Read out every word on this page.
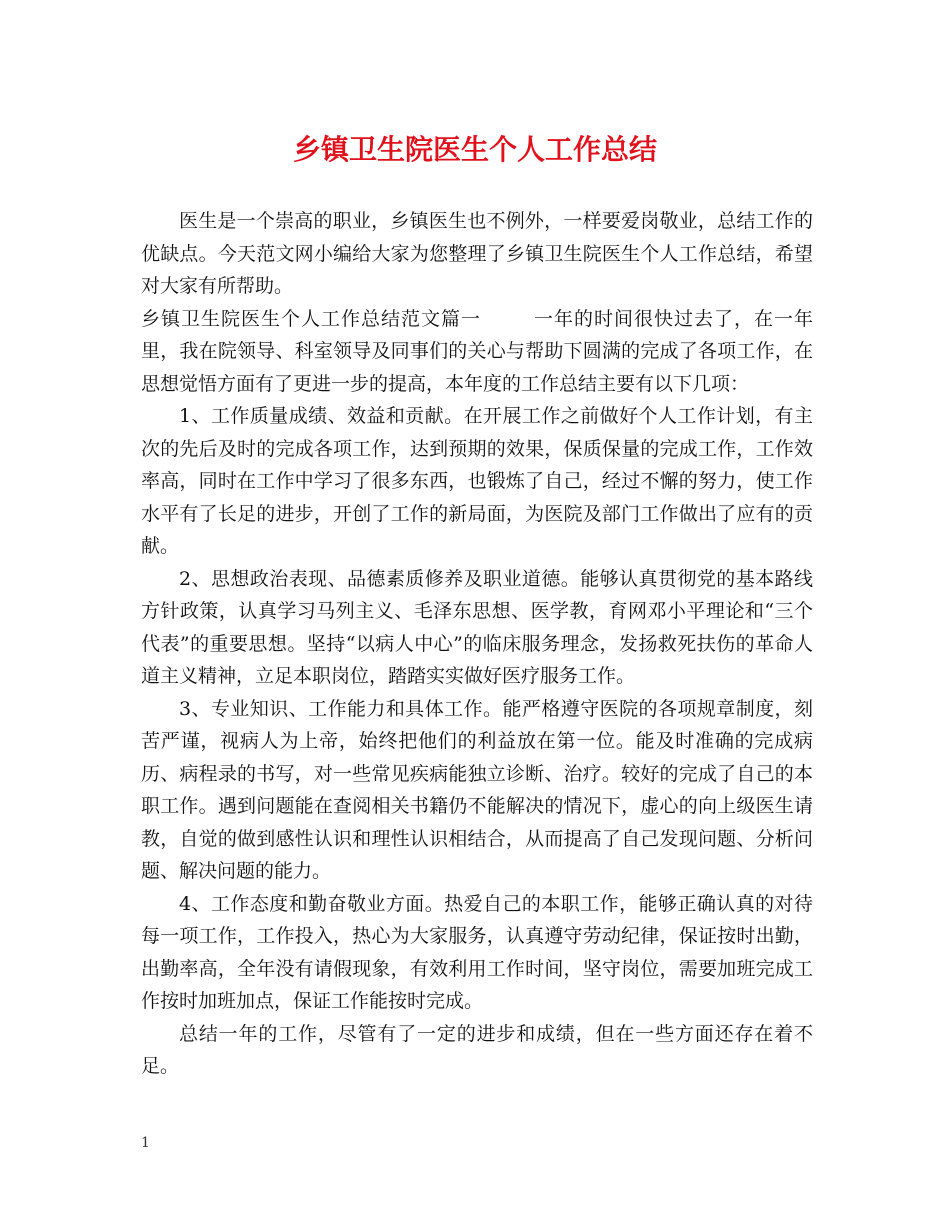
乡镇卫生院医生个人工作总结

医生是一个崇高的职业，乡镇医生也不例外，一样要爱岗敬业，总结工作的优缺点。今天范文网小编给大家为您整理了乡镇卫生院医生个人工作总结，希望对大家有所帮助。

乡镇卫生院医生个人工作总结范文篇一	一年的时间很快过去了，在一年里，我在院领导、科室领导及同事们的关心与帮助下圆满的完成了各项工作，在思想觉悟方面有了更进一步的提高，本年度的工作总结主要有以下几项：

1、工作质量成绩、效益和贡献。在开展工作之前做好个人工作计划，有主次的先后及时的完成各项工作，达到预期的效果，保质保量的完成工作，工作效率高，同时在工作中学习了很多东西，也锻炼了自己，经过不懈的努力，使工作水平有了长足的进步，开创了工作的新局面，为医院及部门工作做出了应有的贡献。

2、思想政治表现、品德素质修养及职业道德。能够认真贯彻党的基本路线方针政策，认真学习马列主义、毛泽东思想、医学教，育网邓小平理论和“三个代表”的重要思想。坚持“以病人中心”的临床服务理念，发扬救死扶伤的革命人道主义精神，立足本职岗位，踏踏实实做好医疗服务工作。

3、专业知识、工作能力和具体工作。能严格遵守医院的各项规章制度，刻苦严谨，视病人为上帝，始终把他们的利益放在第一位。能及时准确的完成病历、病程录的书写，对一些常见疾病能独立诊断、治疗。较好的完成了自己的本职工作。遇到问题能在查阅相关书籍仍不能解决的情况下，虚心的向上级医生请教，自觉的做到感性认识和理性认识相结合，从而提高了自己发现问题、分析问题、解决问题的能力。

4、工作态度和勤奋敬业方面。热爱自己的本职工作，能够正确认真的对待每一项工作，工作投入，热心为大家服务，认真遵守劳动纪律，保证按时出勤，出勤率高，全年没有请假现象，有效利用工作时间，坚守岗位，需要加班完成工作按时加班加点，保证工作能按时完成。

总结一年的工作，尽管有了一定的进步和成绩，但在一些方面还存在着不足。

1
